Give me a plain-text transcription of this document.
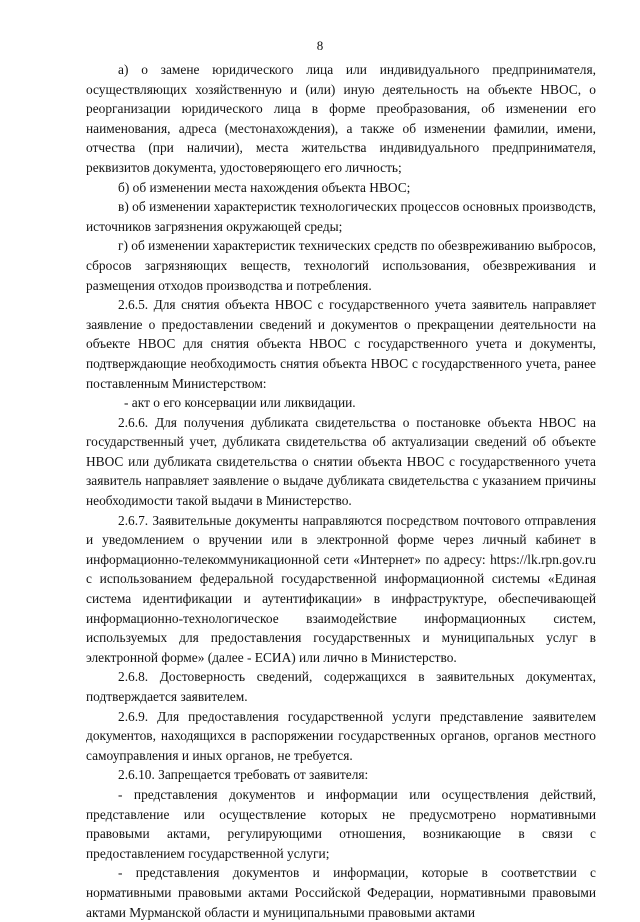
8

а) о замене юридического лица или индивидуального предпринимателя, осуществляющих хозяйственную и (или) иную деятельность на объекте НВОС, о реорганизации юридического лица в форме преобразования, об изменении его наименования, адреса (местонахождения), а также об изменении фамилии, имени, отчества (при наличии), места жительства индивидуального предпринимателя, реквизитов документа, удостоверяющего его личность;

б) об изменении места нахождения объекта НВОС;

в) об изменении характеристик технологических процессов основных производств, источников загрязнения окружающей среды;

г) об изменении характеристик технических средств по обезвреживанию выбросов, сбросов загрязняющих веществ, технологий использования, обезвреживания и размещения отходов производства и потребления.

2.6.5. Для снятия объекта НВОС с государственного учета заявитель направляет заявление о предоставлении сведений и документов о прекращении деятельности на объекте НВОС для снятия объекта НВОС с государственного учета и документы, подтверждающие необходимость снятия объекта НВОС с государственного учета, ранее поставленным Министерством:

- акт о его консервации или ликвидации.

2.6.6. Для получения дубликата свидетельства о постановке объекта НВОС на государственный учет, дубликата свидетельства об актуализации сведений об объекте НВОС или дубликата свидетельства о снятии объекта НВОС с государственного учета заявитель направляет заявление о выдаче дубликата свидетельства с указанием причины необходимости такой выдачи в Министерство.

2.6.7. Заявительные документы направляются посредством почтового отправления и уведомлением о вручении или в электронной форме через личный кабинет в информационно-телекоммуникационной сети «Интернет» по адресу: https://lk.rpn.gov.ru с использованием федеральной государственной информационной системы «Единая система идентификации и аутентификации» в инфраструктуре, обеспечивающей информационно-технологическое взаимодействие информационных систем, используемых для предоставления государственных и муниципальных услуг в электронной форме» (далее - ЕСИА) или лично в Министерство.

2.6.8. Достоверность сведений, содержащихся в заявительных документах, подтверждается заявителем.

2.6.9. Для предоставления государственной услуги представление заявителем документов, находящихся в распоряжении государственных органов, органов местного самоуправления и иных органов, не требуется.

2.6.10. Запрещается требовать от заявителя:

- представления документов и информации или осуществления действий, представление или осуществление которых не предусмотрено нормативными правовыми актами, регулирующими отношения, возникающие в связи с предоставлением государственной услуги;

- представления документов и информации, которые в соответствии с нормативными правовыми актами Российской Федерации, нормативными правовыми актами Мурманской области и муниципальными правовыми актами
